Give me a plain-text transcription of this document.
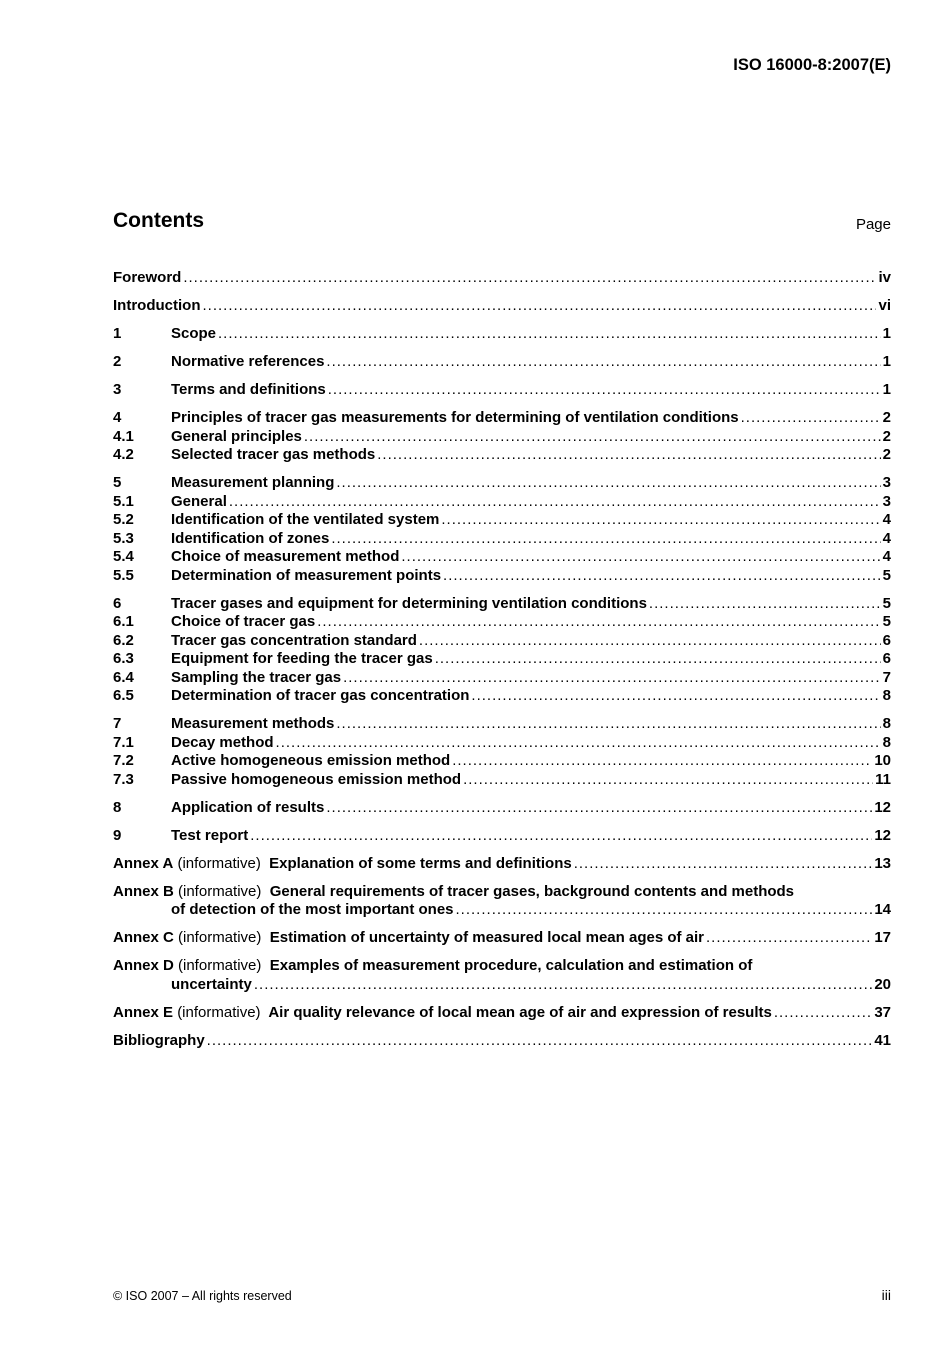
ISO 16000-8:2007(E)
Contents	Page
Foreword .....	iv
Introduction .....	vi
1	Scope .....	1
2	Normative references .....	1
3	Terms and definitions .....	1
4	Principles of tracer gas measurements for determining of ventilation conditions .....	2
4.1	General principles .....	2
4.2	Selected tracer gas methods .....	2
5	Measurement planning .....	3
5.1	General .....	3
5.2	Identification of the ventilated system .....	4
5.3	Identification of zones .....	4
5.4	Choice of measurement method .....	4
5.5	Determination of measurement points .....	5
6	Tracer gases and equipment for determining ventilation conditions .....	5
6.1	Choice of tracer gas .....	5
6.2	Tracer gas concentration standard .....	6
6.3	Equipment for feeding the tracer gas .....	6
6.4	Sampling the tracer gas .....	7
6.5	Determination of tracer gas concentration .....	8
7	Measurement methods .....	8
7.1	Decay method .....	8
7.2	Active homogeneous emission method .....	10
7.3	Passive homogeneous emission method .....	11
8	Application of results .....	12
9	Test report .....	12
Annex A (informative) Explanation of some terms and definitions .....	13
Annex B (informative) General requirements of tracer gases, background contents and methods
of detection of the most important ones .....	14
Annex C (informative) Estimation of uncertainty of measured local mean ages of air .....	17
Annex D (informative) Examples of measurement procedure, calculation and estimation of
uncertainty .....	20
Annex E (informative) Air quality relevance of local mean age of air and expression of results .....	37
Bibliography .....	41
© ISO 2007 – All rights reserved	iii
